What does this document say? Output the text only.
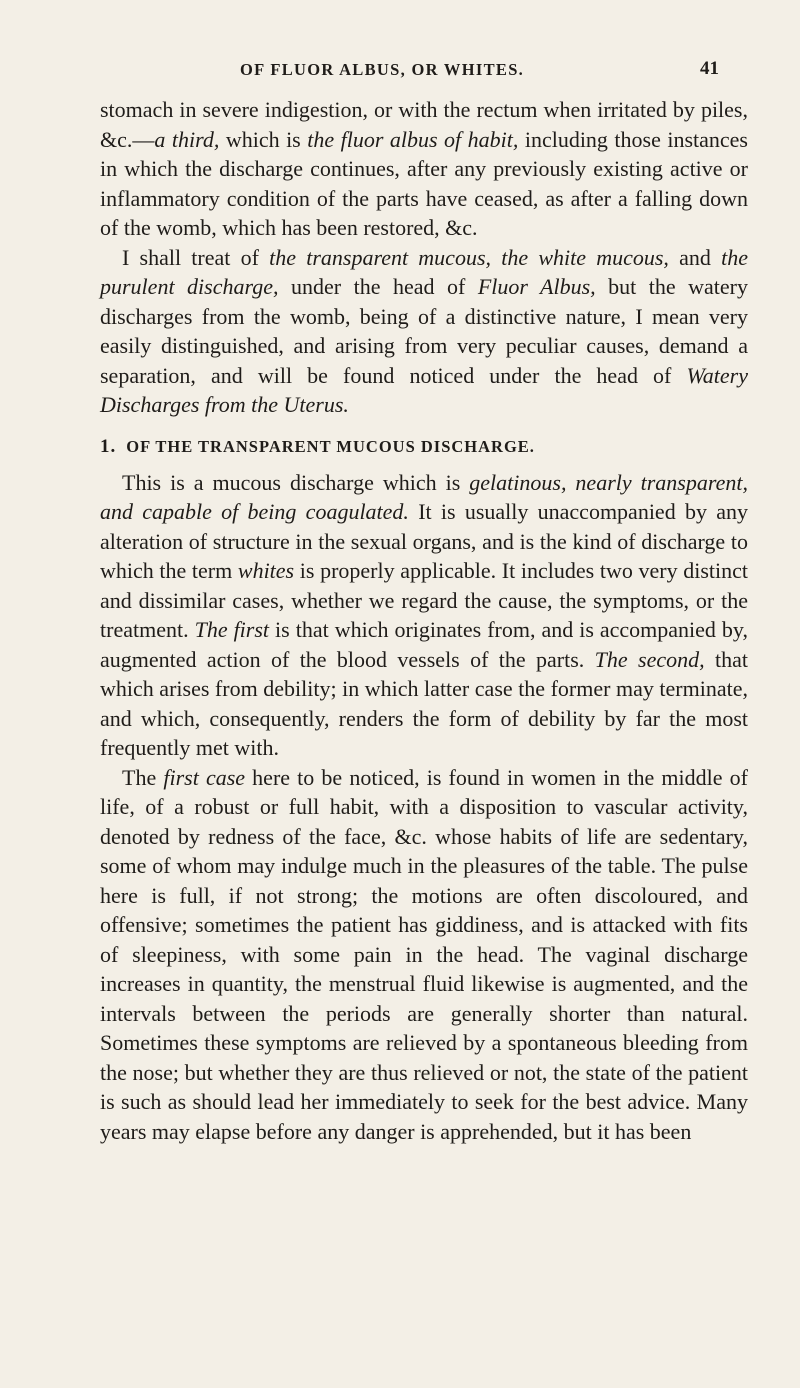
OF FLUOR ALBUS, OR WHITES.	41

stomach in severe indigestion, or with the rectum when irritated by piles, &c.—a third, which is the fluor albus of habit, including those instances in which the discharge continues, after any previously existing active or inflammatory condition of the parts have ceased, as after a falling down of the womb, which has been restored, &c.

I shall treat of the transparent mucous, the white mucous, and the purulent discharge, under the head of Fluor Albus, but the watery discharges from the womb, being of a distinctive nature, I mean very easily distinguished, and arising from very peculiar causes, demand a separation, and will be found noticed under the head of Watery Discharges from the Uterus.

1. OF THE TRANSPARENT MUCOUS DISCHARGE.

This is a mucous discharge which is gelatinous, nearly transparent, and capable of being coagulated. It is usually unaccompanied by any alteration of structure in the sexual organs, and is the kind of discharge to which the term whites is properly applicable. It includes two very distinct and dissimilar cases, whether we regard the cause, the symptoms, or the treatment. The first is that which originates from, and is accompanied by, augmented action of the blood vessels of the parts. The second, that which arises from debility; in which latter case the former may terminate, and which, consequently, renders the form of debility by far the most frequently met with.

The first case here to be noticed, is found in women in the middle of life, of a robust or full habit, with a disposition to vascular activity, denoted by redness of the face, &c. whose habits of life are sedentary, some of whom may indulge much in the pleasures of the table. The pulse here is full, if not strong; the motions are often discoloured, and offensive; sometimes the patient has giddiness, and is attacked with fits of sleepiness, with some pain in the head. The vaginal discharge increases in quantity, the menstrual fluid likewise is augmented, and the intervals between the periods are generally shorter than natural. Sometimes these symptoms are relieved by a spontaneous bleeding from the nose; but whether they are thus relieved or not, the state of the patient is such as should lead her immediately to seek for the best advice. Many years may elapse before any danger is apprehended, but it has been
